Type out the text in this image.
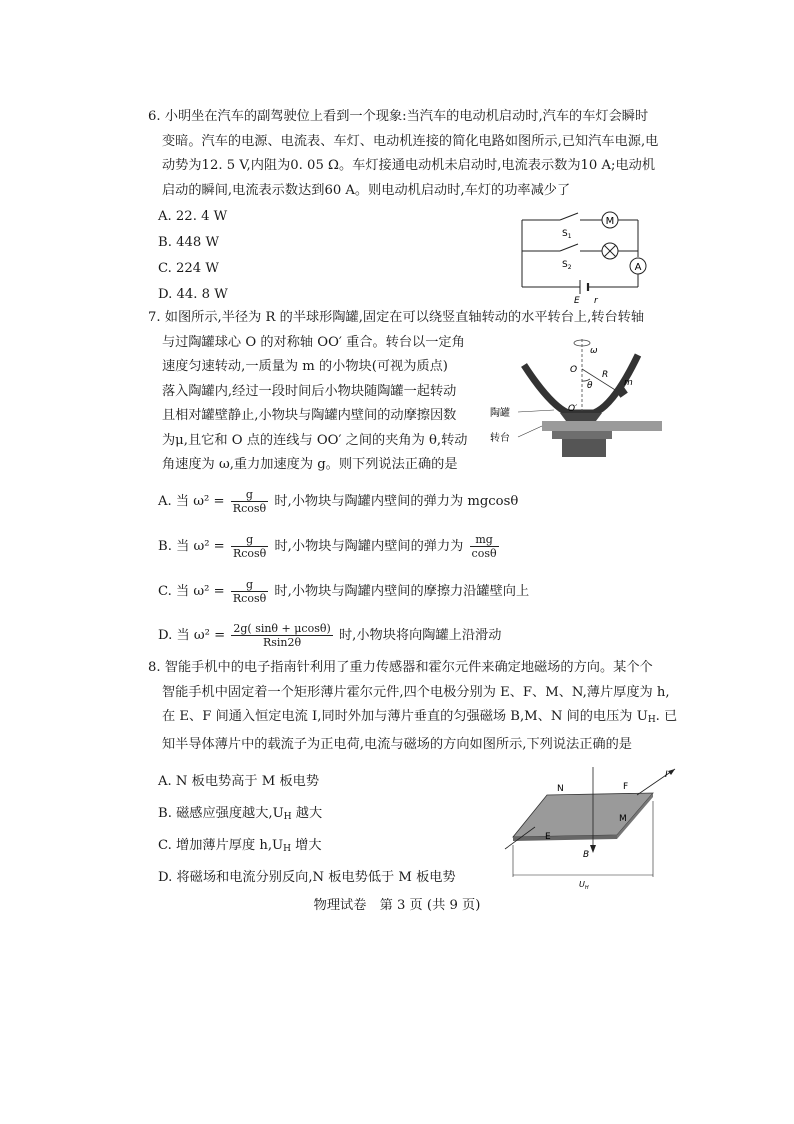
6. 小明坐在汽车的副驾驶位上看到一个现象:当汽车的电动机启动时,汽车的车灯会瞬时
变暗。汽车的电源、电流表、车灯、电动机连接的简化电路如图所示,已知汽车电源,电
动势为12. 5 V,内阻为0. 05 Ω。车灯接通电动机未启动时,电流表示数为10 A;电动机
启动的瞬间,电流表示数达到60 A。则电动机启动时,车灯的功率减少了
A. 22. 4 W
B. 448 W
C. 224 W
D. 44. 8 W
M
A
$S_1$
$S_2$
E r
7. 如图所示,半径为 R 的半球形陶罐,固定在可以绕竖直轴转动的水平转台上,转台转轴
与过陶罐球心 O 的对称轴 OO′ 重合。转台以一定角
速度匀速转动,一质量为 m 的小物块(可视为质点)
落入陶罐内,经过一段时间后小物块随陶罐一起转动
且相对罐壁静止,小物块与陶罐内壁间的动摩擦因数
为μ,且它和 O 点的连线与 OO′ 之间的夹角为 θ,转动
角速度为 ω,重力加速度为 g。则下列说法正确的是
ω
O
θ
R
m
O′
陶罐
转台
A. 当 $\omega^2 = \frac{g}{Rcos\theta}$ 时,小物块与陶罐内壁间的弹力为 mgcosθ
B. 当 $\omega^2 = \frac{g}{Rcos\theta}$ 时,小物块与陶罐内壁间的弹力为 $\frac{mg}{\cos\theta}$
C. 当 $\omega^2 = \frac{g}{Rcos\theta}$ 时,小物块与陶罐内壁间的摩擦力沿罐壁向上
D. 当 $\omega^2 = \frac{2g( \sin\theta + \mu\cos\theta)}{Rsin2\theta}$ 时,小物块将向陶罐上沿滑动
8. 智能手机中的电子指南针利用了重力传感器和霍尔元件来确定地磁场的方向。某个个
智能手机中固定着一个矩形薄片霍尔元件,四个电极分别为 E、F、M、N,薄片厚度为 h,
在 E、F 间通入恒定电流 I,同时外加与薄片垂直的匀强磁场 B,M、N 间的电压为 $U_H$. 已
知半导体薄片中的载流子为正电荷,电流与磁场的方向如图所示,下列说法正确的是
A. N 板电势高于 M 板电势
B. 磁感应强度越大$,U_H$ 越大
C. 增加薄片厚度 $h,U_H$ 增大
D. 将磁场和电流分别反向,N 板电势低于 M 板电势
I
F
N
M
E
B
$U_H$
物理试卷　第 3 页 (共 9 页)
